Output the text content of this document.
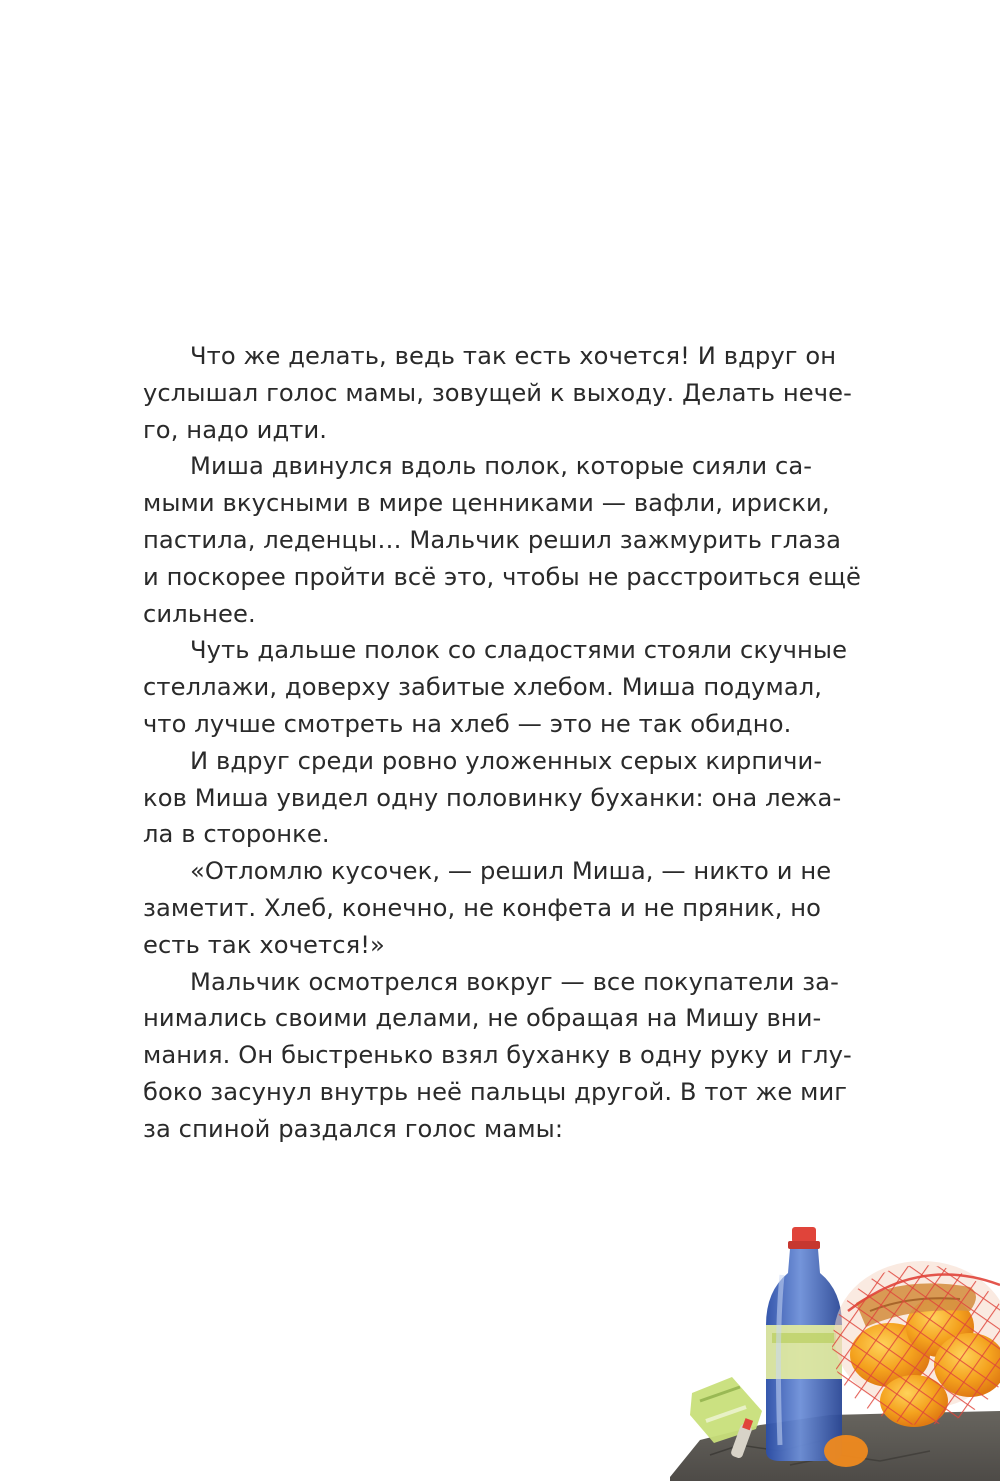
Что же делать, ведь так есть хочется! И вдруг он
услышал голос мамы, зовущей к выходу. Делать нече-
го, надо идти.
Миша двинулся вдоль полок, которые сияли са-
мыми вкусными в мире ценниками — вафли, ириски,
пастила, леденцы… Мальчик решил зажмурить глаза
и поскорее пройти всё это, чтобы не расстроиться ещё
сильнее.
Чуть дальше полок со сладостями стояли скучные
стеллажи, доверху забитые хлебом. Миша подумал,
что лучше смотреть на хлеб — это не так обидно.
И вдруг среди ровно уложенных серых кирпичи-
ков Миша увидел одну половинку буханки: она лежа-
ла в сторонке.
«Отломлю кусочек, — решил Миша, — никто и не
заметит. Хлеб, конечно, не конфета и не пряник, но
есть так хочется!»
Мальчик осмотрелся вокруг — все покупатели за-
нимались своими делами, не обращая на Мишу вни-
мания. Он быстренько взял буханку в одну руку и глу-
боко засунул внутрь неё пальцы другой. В тот же миг
за спиной раздался голос мамы:
